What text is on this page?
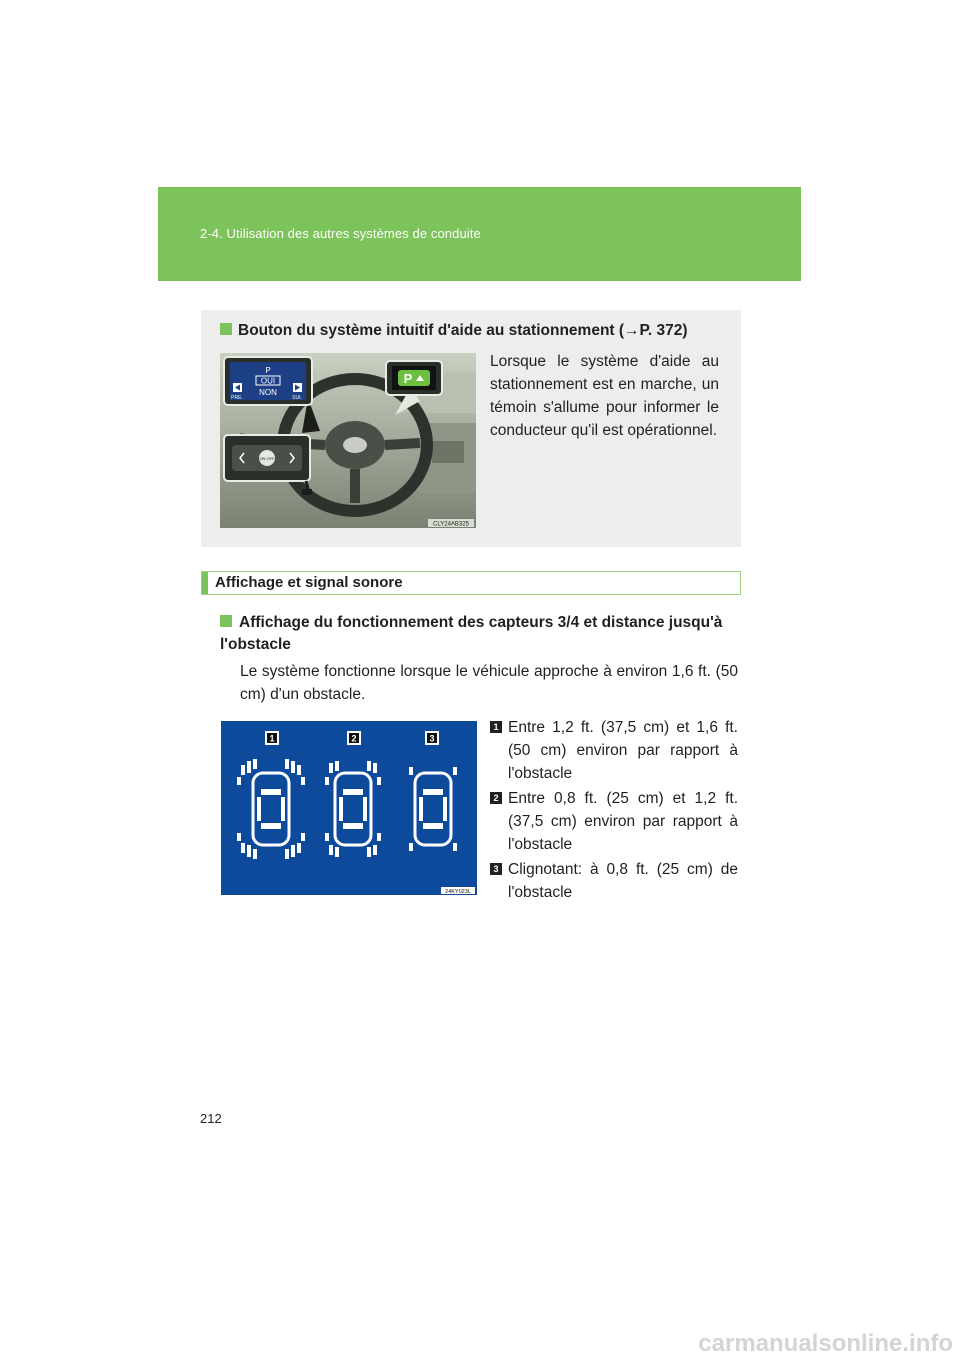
2-4. Utilisation des autres systèmes de conduite
Bouton du système intuitif d'aide au stationnement (→P. 372)
P
OUI
NON
PRE.	SUI.
P
ON OFF
CLY24AB325
Lorsque le système d'aide au stationnement est en marche, un témoin s'allume pour informer le conducteur qu'il est opérationnel.
Affichage et signal sonore
Affichage du fonctionnement des capteurs 3/4 et distance jusqu'à l'obstacle
Le système fonctionne lorsque le véhicule approche à environ 1,6 ft. (50 cm) d'un obstacle.
1	2	3
24KY023L
1 Entre 1,2 ft. (37,5 cm) et 1,6 ft. (50 cm) environ par rapport à l'obstacle
2 Entre 0,8 ft. (25 cm) et 1,2 ft. (37,5 cm) environ par rapport à l'obstacle
3 Clignotant: à 0,8 ft. (25 cm) de l'obstacle
212
carmanualsonline.info
